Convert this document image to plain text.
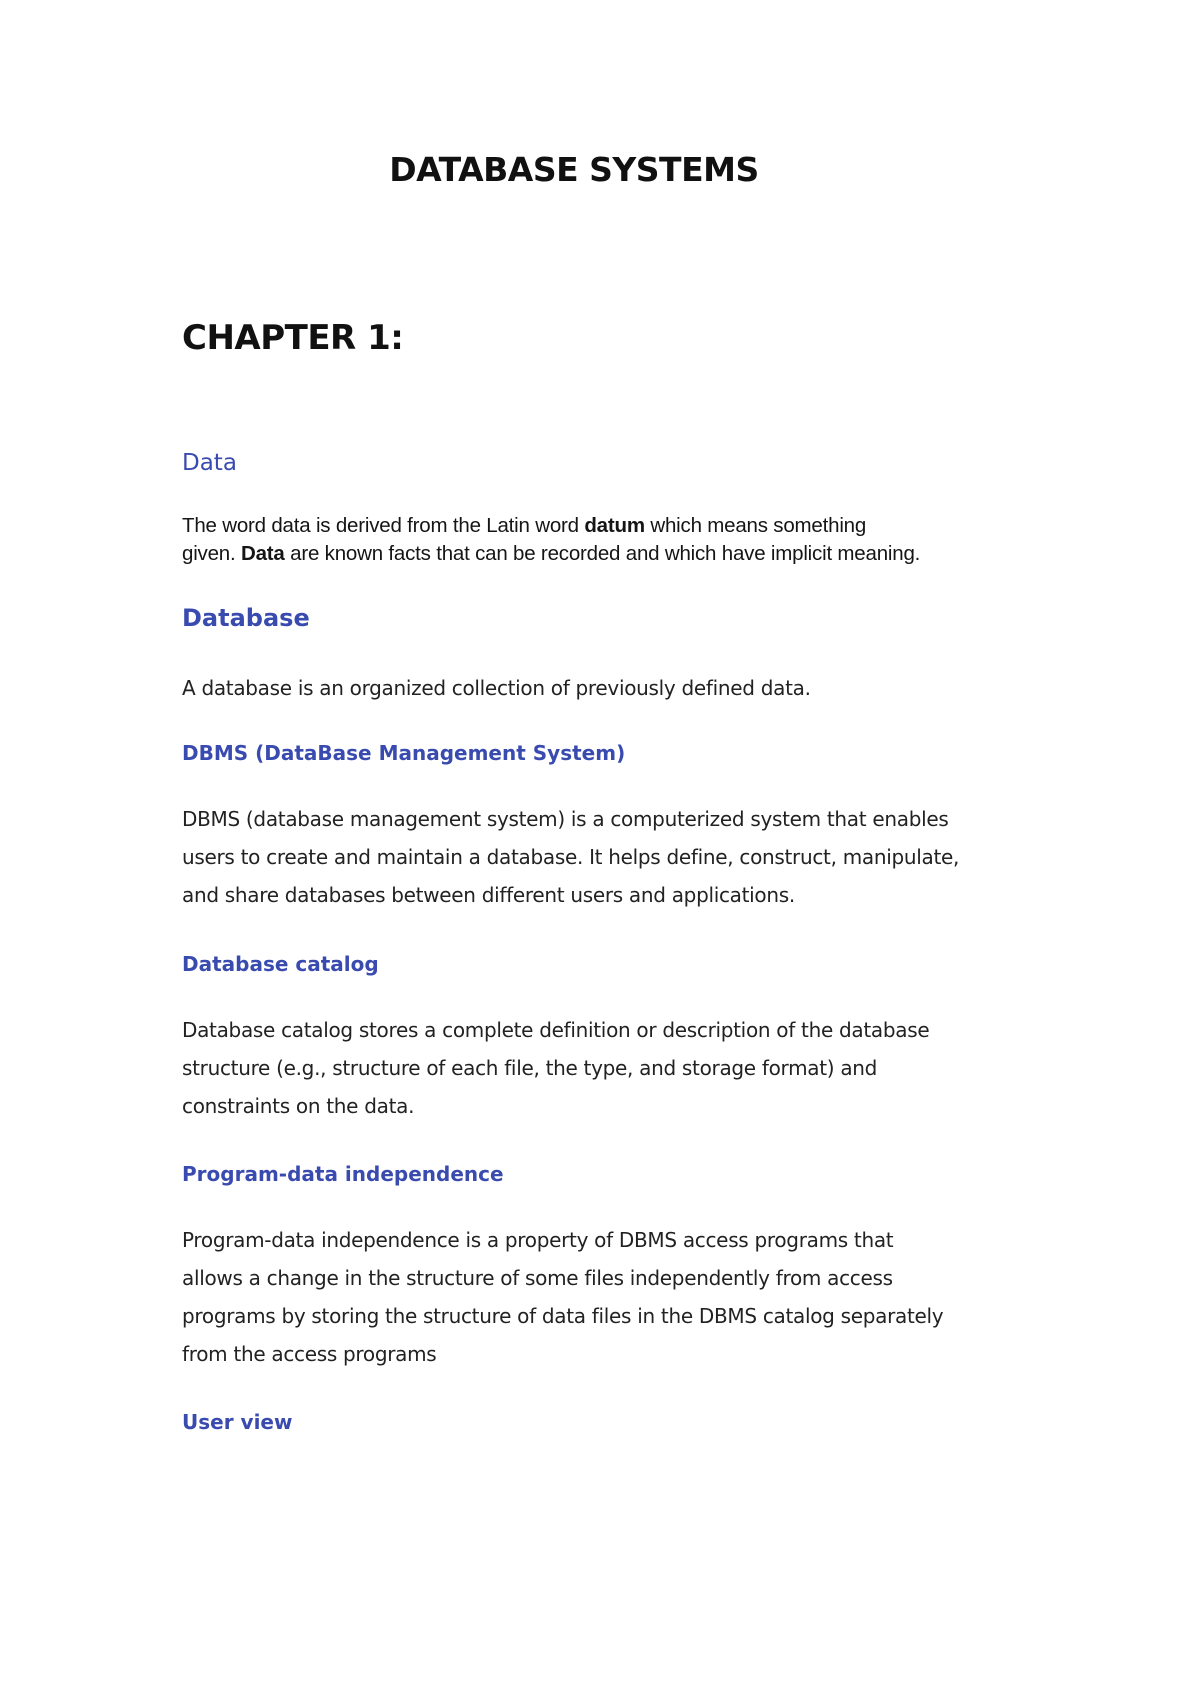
DATABASE SYSTEMS
CHAPTER 1:
Data

The word data is derived from the Latin word datum which means something

given. Data are known facts that can be recorded and which have implicit meaning.

Database

A database is an organized collection of previously defined data.

DBMS (DataBase Management System)

DBMS (database management system) is a computerized system that enables

users to create and maintain a database. It helps define, construct, manipulate,

and share databases between different users and applications.

Database catalog

Database catalog stores a complete definition or description of the database

structure (e.g., structure of each file, the type, and storage format) and

constraints on the data.

Program-data independence

Program-data independence is a property of DBMS access programs that

allows a change in the structure of some files independently from access

programs by storing the structure of data files in the DBMS catalog separately

from the access programs

User view
